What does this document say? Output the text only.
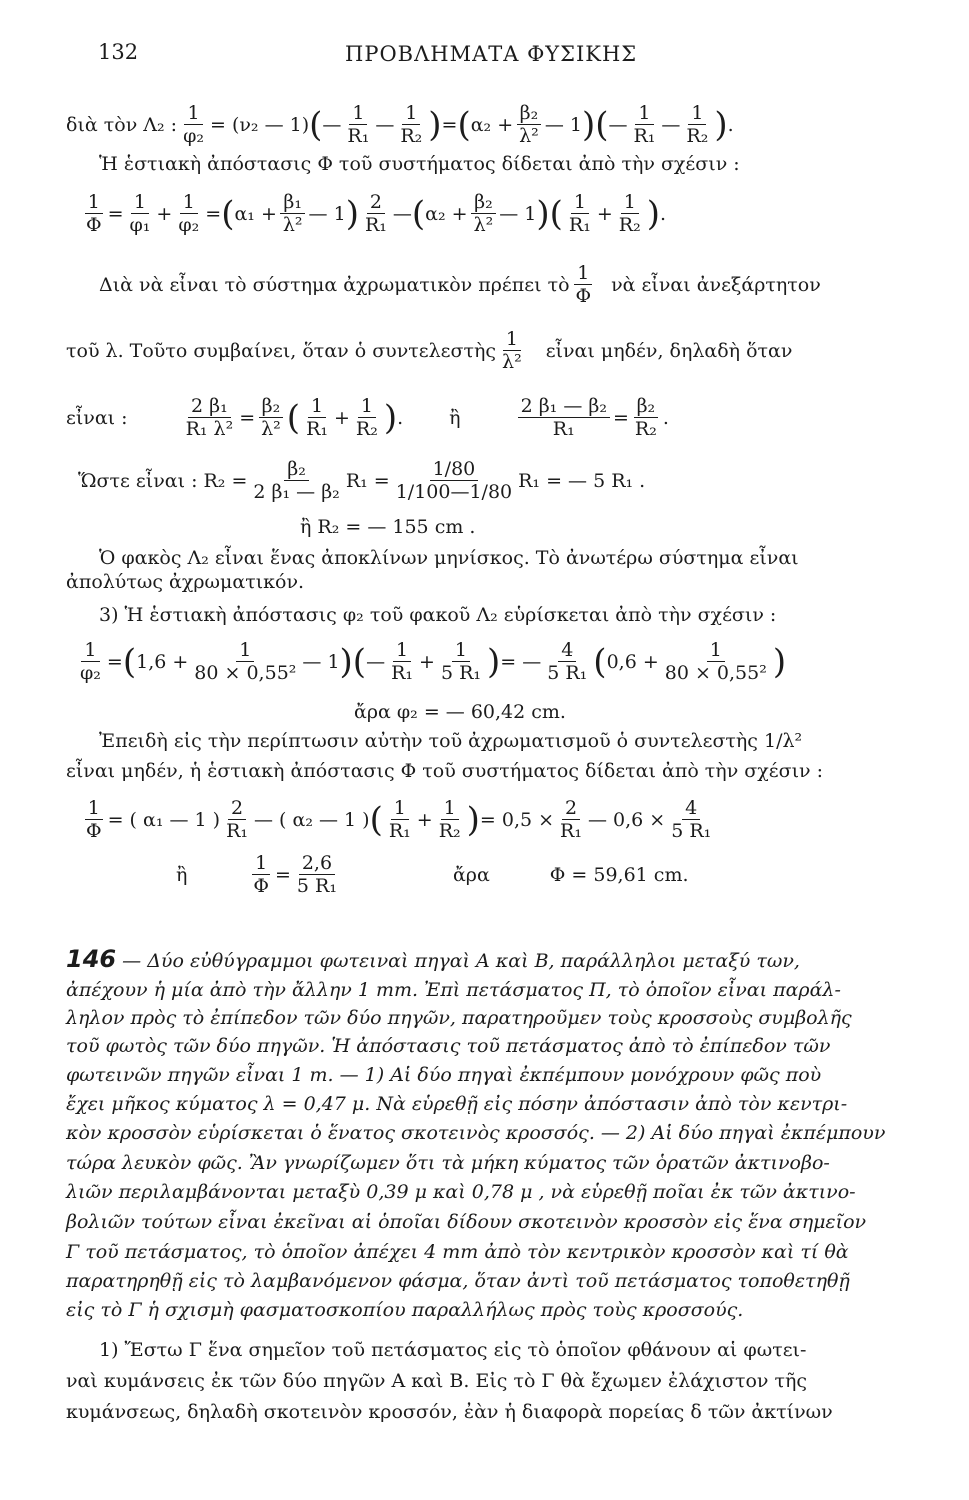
132	ΠΡΟΒΛΗΜΑΤΑ ΦΥΣΙΚΗΣ
διὰ τὸν Λ₂ : $\frac{1}{\text{φ₂}} = (\nu_2$ — 1) ( — $\frac{1}{\text{R₁}}$ — $\frac{1}{\text{R₂}}$ ) = ( $\alpha_2 + \frac{\text{β₂}}{\text{λ²}}$ — 1 )( — $\frac{1}{\text{R₁}}$ — $\frac{1}{\text{R₂}}$ ) .
Ἡ ἑστιακὴ ἀπόστασις Φ τοῦ συστήματος δίδεται ἀπὸ τὴν σχέσιν :
$\frac{1}{\Phi} = \frac{1}{\text{φ₁}} + \frac{1}{\text{φ₂}}$ = ( $\alpha_1 + \frac{\text{β₁}}{\text{λ²}}$ — 1 ) $\frac{2}{\text{R₁}}$ — ( $\alpha_2 + \frac{\text{β₂}}{\text{λ²}}$ — 1 )( $\frac{1}{\text{R₁}} + \frac{1}{\text{R₂}}$ ) .
Διὰ νὰ εἶναι τὸ σύστημα ἀχρωματικὸν πρέπει τὸ $\frac{1}{\Phi}$ νὰ εἶναι ἀνεξάρτητον
τοῦ λ. Τοῦτο συμβαίνει, ὅταν ὁ συντελεστὴς $\frac{1}{\text{λ²}}$ εἶναι μηδέν, δηλαδὴ ὅταν
εἶναι :	$\frac{\text{2 β₁}}{\text{R₁ λ²}} = \frac{\text{β₂}}{\text{λ²}}$ ( $\frac{1}{\text{R₁}} + \frac{1}{\text{R₂}}$ ) . ἢ	$\frac{\text{2 β₁ — β₂}}{\text{R₁}} = \frac{\text{β₂}}{\text{R₂}}$ .
Ὥστε εἶναι : $R_2 = \frac{\text{β₂}}{\text{2 β₁ — β₂}} R_1 = \frac{1/80}{1/100—1/80} R_1$ = — 5 R₁ .
ἢ R₂ = — 155 cm .
Ὁ φακὸς Λ₂ εἶναι ἕνας ἀποκλίνων μηνίσκος. Τὸ ἀνωτέρω σύστημα εἶναι
ἀπολύτως ἀχρωματικόν.
3) Ἡ ἑστιακὴ ἀπόστασις φ₂ τοῦ φακοῦ Λ₂ εὑρίσκεται ἀπὸ τὴν σχέσιν :
$\frac{1}{\text{φ₂}}$ = ( $1,6 + \frac{1}{\text{80 × 0,55²}}$ — 1 )( — $\frac{1}{\text{R₁}} + \frac{1}{\text{5 R₁}}$ ) = — $\frac{4}{\text{5 R₁}}$ ( $0,6 + \frac{1}{\text{80 × 0,55²}}$ )
ἄρα φ₂ = — 60,42 cm.
Ἐπειδὴ εἰς τὴν περίπτωσιν αὐτὴν τοῦ ἀχρωματισμοῦ ὁ συντελεστὴς 1/λ²
εἶναι μηδέν, ἡ ἑστιακὴ ἀπόστασις Φ τοῦ συστήματος δίδεται ἀπὸ τὴν σχέσιν :
$\frac{1}{\Phi}$ = ( α₁ — 1 ) $\frac{2}{\text{R₁}}$ — ( α₂ — 1 ) ( $\frac{1}{\text{R₁}} + \frac{1}{\text{R₂}}$ ) = $0,5 \times \frac{2}{\text{R₁}}$ — $0,6 \times \frac{4}{\text{5 R₁}}$
ἢ	$\frac{1}{\Phi} = \frac{2,6}{\text{5 R₁}}$	ἄρα	Φ = 59,61 cm.
146 — Δύο εὐθύγραμμοι φωτειναὶ πηγαὶ Α καὶ Β, παράλληλοι μεταξύ των,
ἀπέχουν ἡ μία ἀπὸ τὴν ἄλλην 1 mm. Ἐπὶ πετάσματος Π, τὸ ὁποῖον εἶναι παράλ-
ληλον πρὸς τὸ ἐπίπεδον τῶν δύο πηγῶν, παρατηροῦμεν τοὺς κροσσοὺς συμβολῆς
τοῦ φωτὸς τῶν δύο πηγῶν. Ἡ ἀπόστασις τοῦ πετάσματος ἀπὸ τὸ ἐπίπεδον τῶν
φωτεινῶν πηγῶν εἶναι 1 m. — 1) Αἱ δύο πηγαὶ ἐκπέμπουν μονόχρουν φῶς ποὺ
ἔχει μῆκος κύματος λ = 0,47 μ. Νὰ εὑρεθῇ εἰς πόσην ἀπόστασιν ἀπὸ τὸν κεντρι-
κὸν κροσσὸν εὑρίσκεται ὁ ἕνατος σκοτεινὸς κροσσός. — 2) Αἱ δύο πηγαὶ ἐκπέμπουν
τώρα λευκὸν φῶς. Ἂν γνωρίζωμεν ὅτι τὰ μήκη κύματος τῶν ὁρατῶν ἀκτινοβο-
λιῶν περιλαμβάνονται μεταξὺ 0,39 μ καὶ 0,78 μ , νὰ εὑρεθῇ ποῖαι ἐκ τῶν ἀκτινο-
βολιῶν τούτων εἶναι ἐκεῖναι αἱ ὁποῖαι δίδουν σκοτεινὸν κροσσὸν εἰς ἕνα σημεῖον
Γ τοῦ πετάσματος, τὸ ὁποῖον ἀπέχει 4 mm ἀπὸ τὸν κεντρικὸν κροσσὸν καὶ τί θὰ
παρατηρηθῇ εἰς τὸ λαμβανόμενον φάσμα, ὅταν ἀντὶ τοῦ πετάσματος τοποθετηθῇ
εἰς τὸ Γ ἡ σχισμὴ φασματοσκοπίου παραλλήλως πρὸς τοὺς κροσσούς.
1) Ἔστω Γ ἕνα σημεῖον τοῦ πετάσματος εἰς τὸ ὁποῖον φθάνουν αἱ φωτει-
ναὶ κυμάνσεις ἐκ τῶν δύο πηγῶν Α καὶ Β. Εἰς τὸ Γ θὰ ἔχωμεν ἐλάχιστον τῆς
κυμάνσεως, δηλαδὴ σκοτεινὸν κροσσόν, ἐὰν ἡ διαφορὰ πορείας δ τῶν ἀκτίνων
